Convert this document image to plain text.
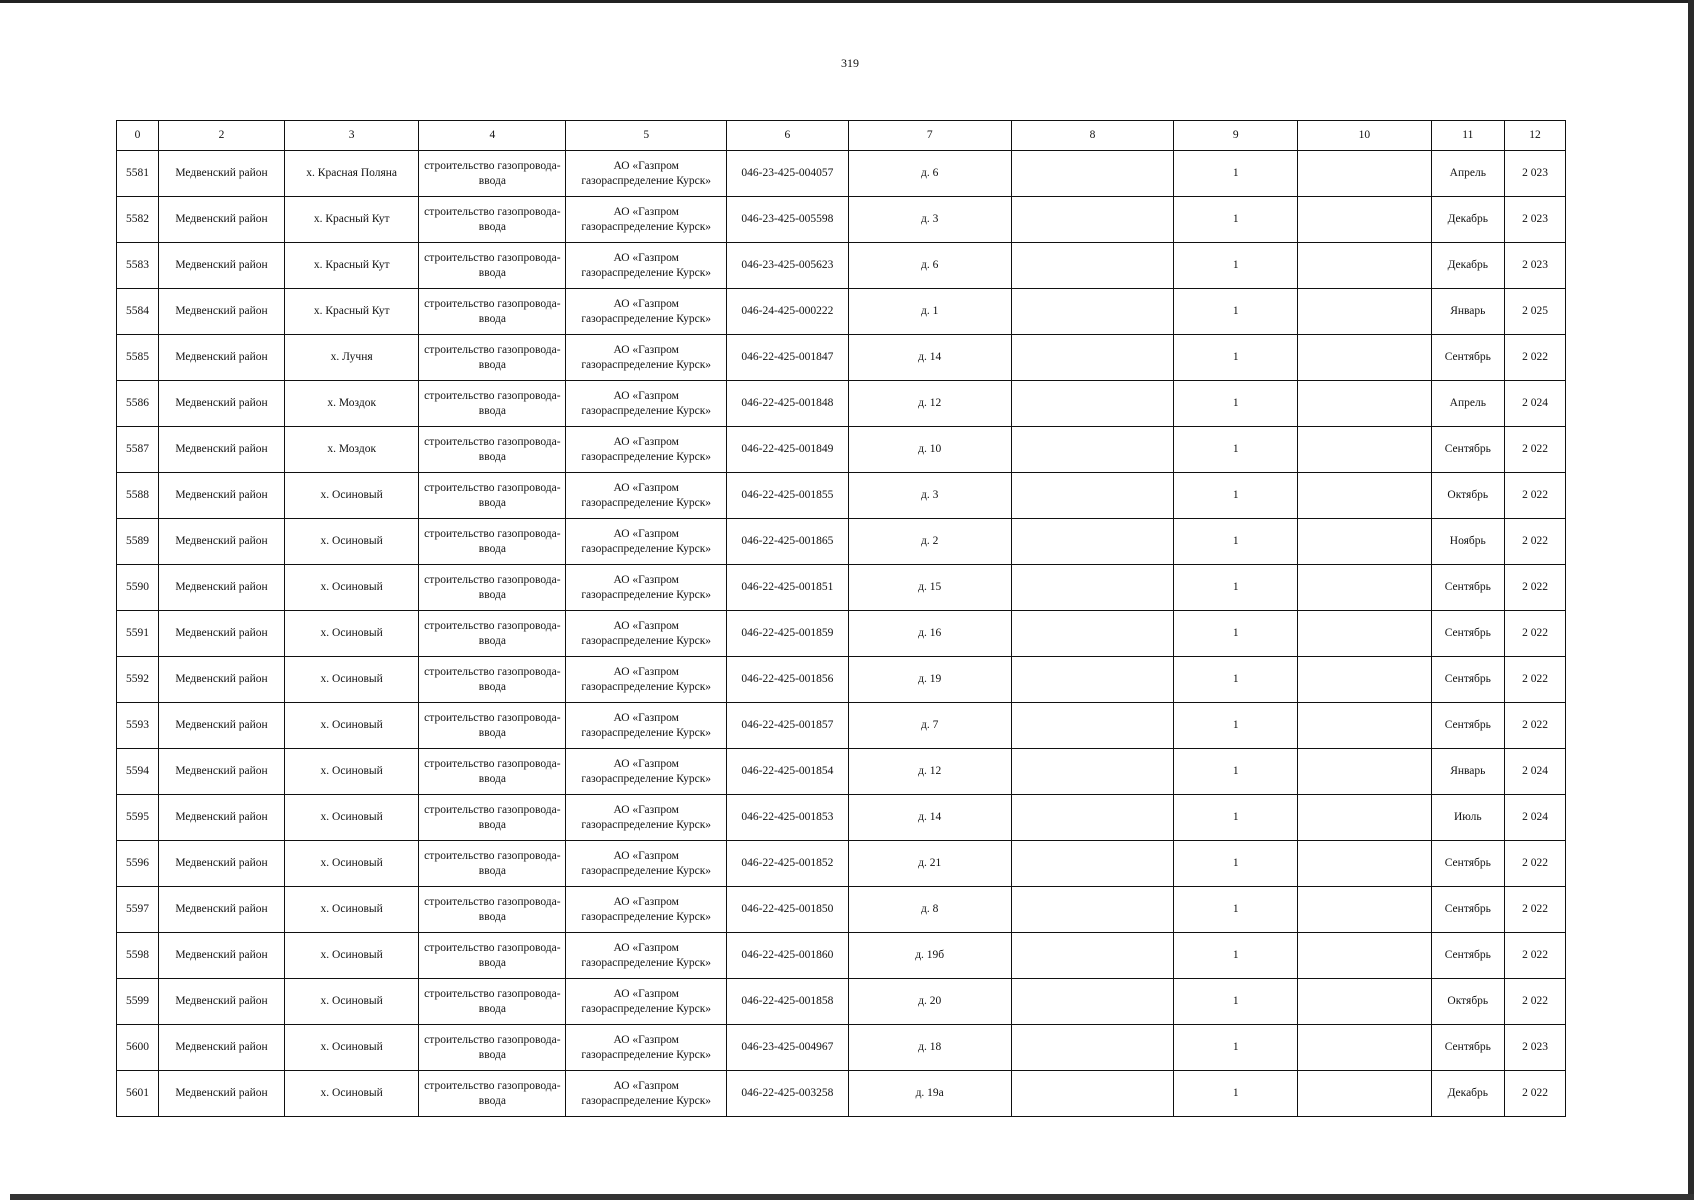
319
0	2	3	4	5	6	7	8	9	10	11	12
5581	Медвенский район	х. Красная Поляна	строительство газопровода-ввода	АО «Газпром газораспределение Курск»	046-23-425-004057	д. 6		1		Апрель	2 023
5582	Медвенский район	х. Красный Кут	строительство газопровода-ввода	АО «Газпром газораспределение Курск»	046-23-425-005598	д. 3		1		Декабрь	2 023
5583	Медвенский район	х. Красный Кут	строительство газопровода-ввода	АО «Газпром газораспределение Курск»	046-23-425-005623	д. 6		1		Декабрь	2 023
5584	Медвенский район	х. Красный Кут	строительство газопровода-ввода	АО «Газпром газораспределение Курск»	046-24-425-000222	д. 1		1		Январь	2 025
5585	Медвенский район	х. Лучня	строительство газопровода-ввода	АО «Газпром газораспределение Курск»	046-22-425-001847	д. 14		1		Сентябрь	2 022
5586	Медвенский район	х. Моздок	строительство газопровода-ввода	АО «Газпром газораспределение Курск»	046-22-425-001848	д. 12		1		Апрель	2 024
5587	Медвенский район	х. Моздок	строительство газопровода-ввода	АО «Газпром газораспределение Курск»	046-22-425-001849	д. 10		1		Сентябрь	2 022
5588	Медвенский район	х. Осиновый	строительство газопровода-ввода	АО «Газпром газораспределение Курск»	046-22-425-001855	д. 3		1		Октябрь	2 022
5589	Медвенский район	х. Осиновый	строительство газопровода-ввода	АО «Газпром газораспределение Курск»	046-22-425-001865	д. 2		1		Ноябрь	2 022
5590	Медвенский район	х. Осиновый	строительство газопровода-ввода	АО «Газпром газораспределение Курск»	046-22-425-001851	д. 15		1		Сентябрь	2 022
5591	Медвенский район	х. Осиновый	строительство газопровода-ввода	АО «Газпром газораспределение Курск»	046-22-425-001859	д. 16		1		Сентябрь	2 022
5592	Медвенский район	х. Осиновый	строительство газопровода-ввода	АО «Газпром газораспределение Курск»	046-22-425-001856	д. 19		1		Сентябрь	2 022
5593	Медвенский район	х. Осиновый	строительство газопровода-ввода	АО «Газпром газораспределение Курск»	046-22-425-001857	д. 7		1		Сентябрь	2 022
5594	Медвенский район	х. Осиновый	строительство газопровода-ввода	АО «Газпром газораспределение Курск»	046-22-425-001854	д. 12		1		Январь	2 024
5595	Медвенский район	х. Осиновый	строительство газопровода-ввода	АО «Газпром газораспределение Курск»	046-22-425-001853	д. 14		1		Июль	2 024
5596	Медвенский район	х. Осиновый	строительство газопровода-ввода	АО «Газпром газораспределение Курск»	046-22-425-001852	д. 21		1		Сентябрь	2 022
5597	Медвенский район	х. Осиновый	строительство газопровода-ввода	АО «Газпром газораспределение Курск»	046-22-425-001850	д. 8		1		Сентябрь	2 022
5598	Медвенский район	х. Осиновый	строительство газопровода-ввода	АО «Газпром газораспределение Курск»	046-22-425-001860	д. 19б		1		Сентябрь	2 022
5599	Медвенский район	х. Осиновый	строительство газопровода-ввода	АО «Газпром газораспределение Курск»	046-22-425-001858	д. 20		1		Октябрь	2 022
5600	Медвенский район	х. Осиновый	строительство газопровода-ввода	АО «Газпром газораспределение Курск»	046-23-425-004967	д. 18		1		Сентябрь	2 023
5601	Медвенский район	х. Осиновый	строительство газопровода-ввода	АО «Газпром газораспределение Курск»	046-22-425-003258	д. 19а		1		Декабрь	2 022
